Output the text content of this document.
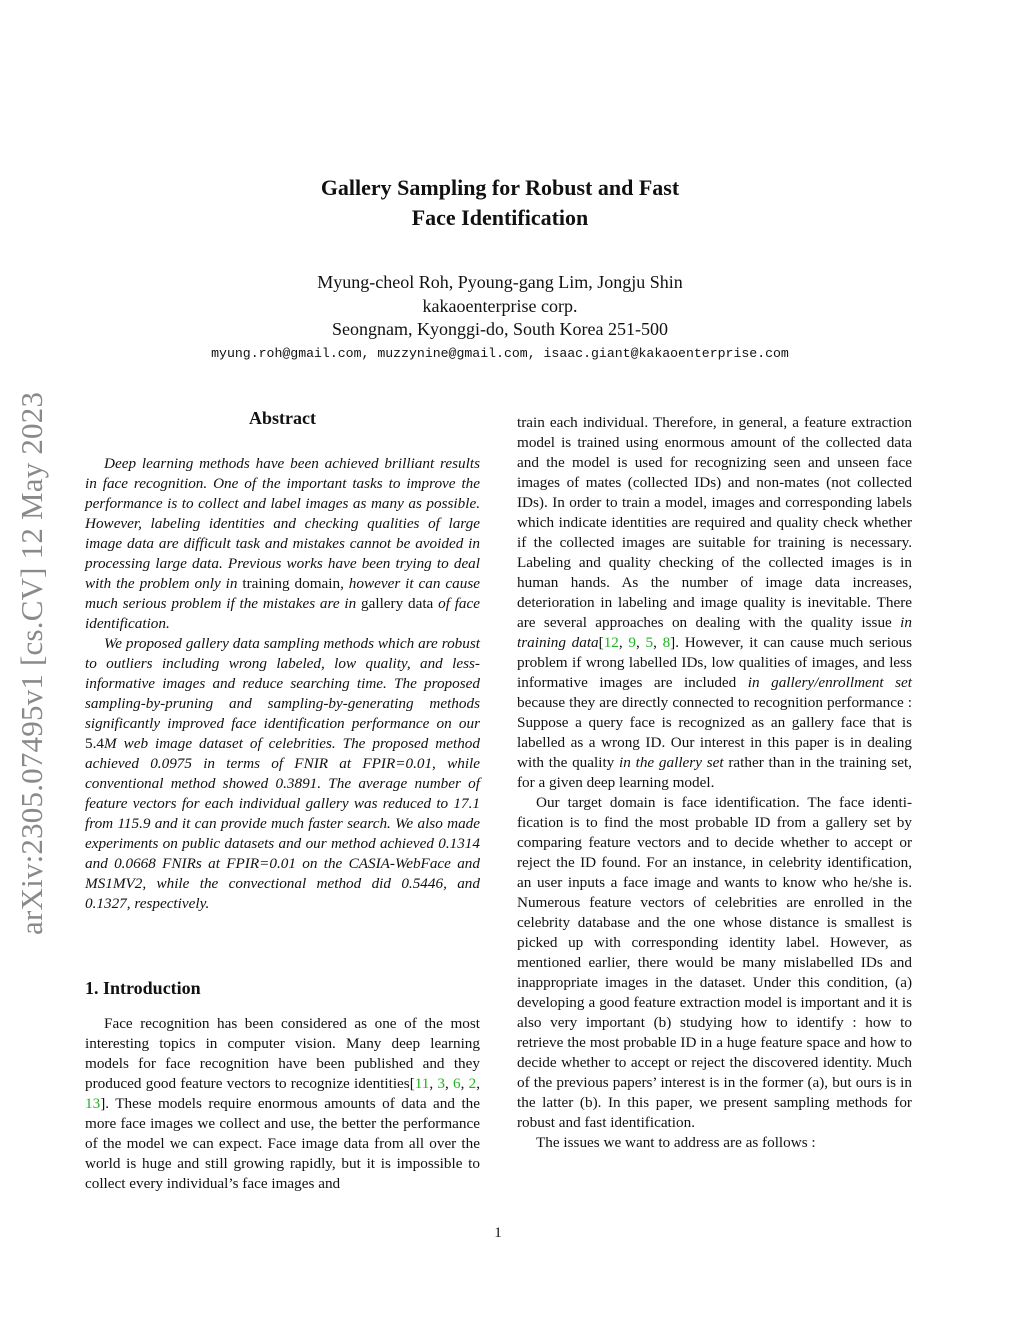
arXiv:2305.07495v1 [cs.CV] 12 May 2023
Gallery Sampling for Robust and Fast
Face Identification
Myung-cheol Roh, Pyoung-gang Lim, Jongju Shin
kakaoenterprise corp.
Seongnam, Kyonggi-do, South Korea 251-500
myung.roh@gmail.com, muzzynine@gmail.com, isaac.giant@kakaoenterprise.com
Abstract

Deep learning methods have been achieved brilliant results in face recognition. One of the important tasks to improve the performance is to collect and label images as many as possible. However, labeling identities and checking qualities of large image data are difficult task and mistakes cannot be avoided in processing large data. Previous works have been trying to deal with the problem only in training domain, however it can cause much serious problem if the mistakes are in gallery data of face identification.

We proposed gallery data sampling methods which are robust to outliers including wrong labeled, low quality, and less-informative images and reduce searching time. The proposed sampling-by-pruning and sampling-by-generating methods significantly improved face identification performance on our 5.4M web image dataset of celebrities. The proposed method achieved 0.0975 in terms of FNIR at FPIR=0.01, while conventional method showed 0.3891. The average number of feature vectors for each individual gallery was reduced to 17.1 from 115.9 and it can provide much faster search. We also made experiments on public datasets and our method achieved 0.1314 and 0.0668 FNIRs at FPIR=0.01 on the CASIA-WebFace and MS1MV2, while the convectional method did 0.5446, and 0.1327, respectively.

1. Introduction

Face recognition has been considered as one of the most interesting topics in computer vision. Many deep learning models for face recognition have been published and they produced good feature vectors to recognize identities[11, 3, 6, 2, 13]. These models require enormous amounts of data and the more face images we collect and use, the better the performance of the model we can expect. Face image data from all over the world is huge and still growing rapidly, but it is impossible to collect every individual’s face images and

train each individual. Therefore, in general, a feature extraction model is trained using enormous amount of the collected data and the model is used for recognizing seen and unseen face images of mates (collected IDs) and non-mates (not collected IDs). In order to train a model, images and corresponding labels which indicate identities are required and quality check whether if the collected images are suitable for training is necessary. Labeling and quality checking of the collected images is in human hands. As the number of image data increases, deterioration in labeling and image quality is inevitable. There are several approaches on dealing with the quality issue in training data[12, 9, 5, 8]. However, it can cause much serious problem if wrong labelled IDs, low qualities of images, and less informative images are included in gallery/enrollment set because they are directly connected to recognition performance : Suppose a query face is recognized as an gallery face that is labelled as a wrong ID. Our interest in this paper is in dealing with the quality in the gallery set rather than in the training set, for a given deep learning model.

Our target domain is face identification. The face identification is to find the most probable ID from a gallery set by comparing feature vectors and to decide whether to accept or reject the ID found. For an instance, in celebrity identification, an user inputs a face image and wants to know who he/she is. Numerous feature vectors of celebrities are enrolled in the celebrity database and the one whose distance is smallest is picked up with corresponding identity label. However, as mentioned earlier, there would be many mislabelled IDs and inappropriate images in the dataset. Under this condition, (a) developing a good feature extraction model is important and it is also very important (b) studying how to identify : how to retrieve the most probable ID in a huge feature space and how to decide whether to accept or reject the discovered identity. Much of the previous papers’ interest is in the former (a), but ours is in the latter (b). In this paper, we present sampling methods for robust and fast identification.

The issues we want to address are as follows :

1
